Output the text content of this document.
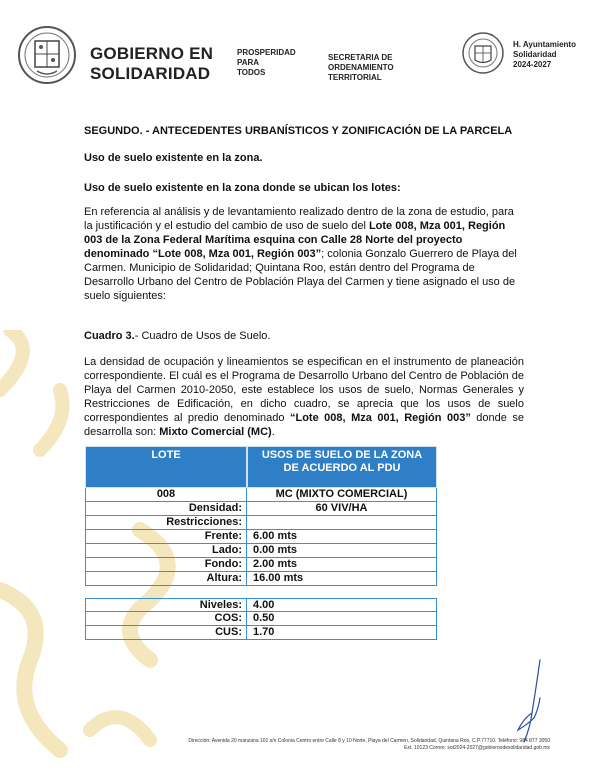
GOBIERNO EN
SOLIDARIDAD
PROSPERIDAD
PARA
TODOS
SECRETARIA DE
ORDENAMIENTO
TERRITORIAL
H. Ayuntamiento
Solidaridad
2024-2027
SEGUNDO. - ANTECEDENTES URBANÍSTICOS Y ZONIFICACIÓN DE LA PARCELA
Uso de suelo existente en la zona.
Uso de suelo existente en la zona donde se ubican los lotes:
En referencia al análisis y de levantamiento realizado dentro de la zona de estudio, para la justificación y el estudio del cambio de uso de suelo del Lote 008, Mza 001, Región 003 de la Zona Federal Marítima esquina con Calle 28 Norte del proyecto denominado “Lote 008, Mza 001, Región 003”; colonia Gonzalo Guerrero de Playa del Carmen. Municipio de Solidaridad; Quintana Roo, están dentro del Programa de Desarrollo Urbano del Centro de Población Playa del Carmen y tiene asignado el uso de suelo siguientes:
Cuadro 3.- Cuadro de Usos de Suelo.
La densidad de ocupación y lineamientos se especifican en el instrumento de planeación correspondiente. El cuál es el Programa de Desarrollo Urbano del Centro de Población de Playa del Carmen 2010-2050, este establece los usos de suelo, Normas Generales y Restricciones de Edificación, en dicho cuadro, se aprecia que los usos de suelo correspondientes al predio denominado “Lote 008, Mza 001, Región 003” donde se desarrolla son: Mixto Comercial (MC).
LOTE	USOS DE SUELO DE LA ZONA
DE ACUERDO AL PDU
008	MC (MIXTO COMERCIAL)
Densidad:	60 VIV/HA
Restricciones:
Frente:	6.00 mts
Lado:	0.00 mts
Fondo:	2.00 mts
Altura:	16.00 mts
Niveles:	4.00
COS:	0.50
CUS:	1.70
Dirección: Avenida 20 manzana 101 s/n Colonia Centro entre Calle 8 y 10 Norte, Playa del Carmen, Solidaridad, Quintana Roo, C.P.77710. Teléfono: 984 877 3050
Ext. 10123 Correo: sot2024-2027@gobiernodesolidaridad.gob.mx
